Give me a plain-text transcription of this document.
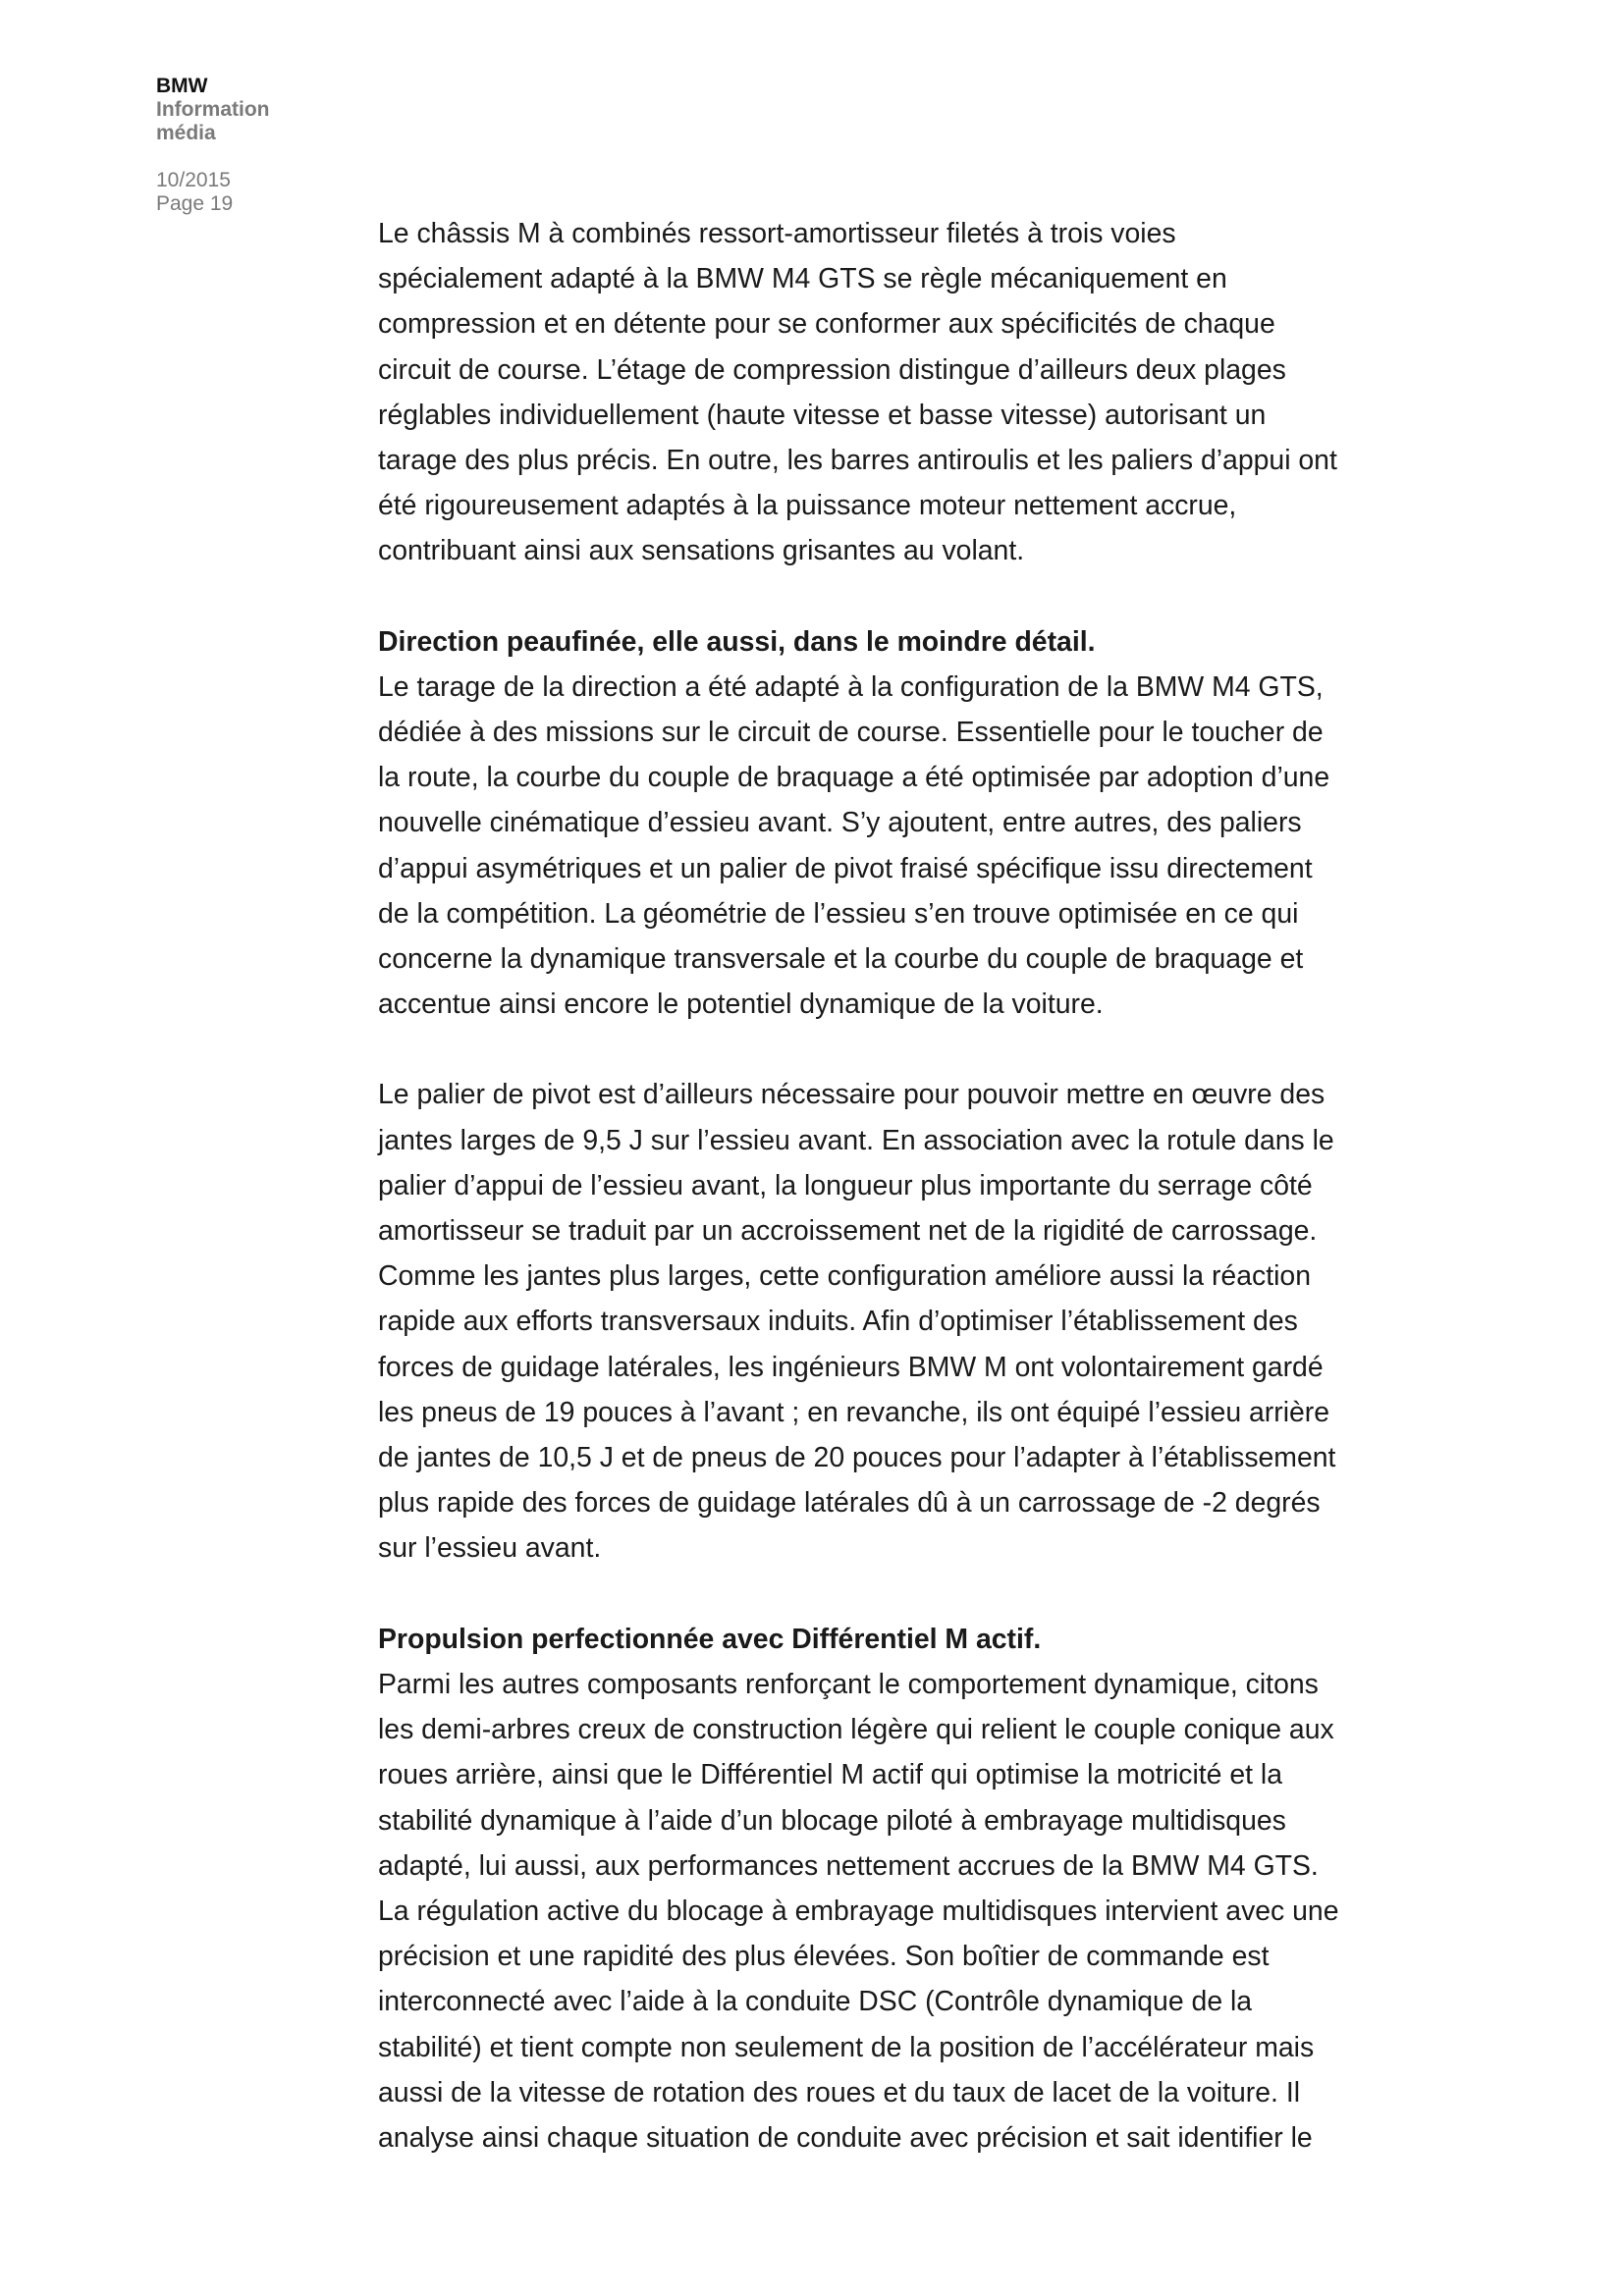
BMW
Information
média
10/2015
Page 19

Le châssis M à combinés ressort-amortisseur filetés à trois voies
spécialement adapté à la BMW M4 GTS se règle mécaniquement en
compression et en détente pour se conformer aux spécificités de chaque
circuit de course. L’étage de compression distingue d’ailleurs deux plages
réglables individuellement (haute vitesse et basse vitesse) autorisant un
tarage des plus précis. En outre, les barres antiroulis et les paliers d’appui ont
été rigoureusement adaptés à la puissance moteur nettement accrue,
contribuant ainsi aux sensations grisantes au volant.

Direction peaufinée, elle aussi, dans le moindre détail.

Le tarage de la direction a été adapté à la configuration de la BMW M4 GTS,
dédiée à des missions sur le circuit de course. Essentielle pour le toucher de
la route, la courbe du couple de braquage a été optimisée par adoption d’une
nouvelle cinématique d’essieu avant. S’y ajoutent, entre autres, des paliers
d’appui asymétriques et un palier de pivot fraisé spécifique issu directement
de la compétition. La géométrie de l’essieu s’en trouve optimisée en ce qui
concerne la dynamique transversale et la courbe du couple de braquage et
accentue ainsi encore le potentiel dynamique de la voiture.

Le palier de pivot est d’ailleurs nécessaire pour pouvoir mettre en œuvre des
jantes larges de 9,5 J sur l’essieu avant. En association avec la rotule dans le
palier d’appui de l’essieu avant, la longueur plus importante du serrage côté
amortisseur se traduit par un accroissement net de la rigidité de carrossage.
Comme les jantes plus larges, cette configuration améliore aussi la réaction
rapide aux efforts transversaux induits. Afin d’optimiser l’établissement des
forces de guidage latérales, les ingénieurs BMW M ont volontairement gardé
les pneus de 19 pouces à l’avant ; en revanche, ils ont équipé l’essieu arrière
de jantes de 10,5 J et de pneus de 20 pouces pour l’adapter à l’établissement
plus rapide des forces de guidage latérales dû à un carrossage de -2 degrés
sur l’essieu avant.

Propulsion perfectionnée avec Différentiel M actif.

Parmi les autres composants renforçant le comportement dynamique, citons
les demi-arbres creux de construction légère qui relient le couple conique aux
roues arrière, ainsi que le Différentiel M actif qui optimise la motricité et la
stabilité dynamique à l’aide d’un blocage piloté à embrayage multidisques
adapté, lui aussi, aux performances nettement accrues de la BMW M4 GTS.
La régulation active du blocage à embrayage multidisques intervient avec une
précision et une rapidité des plus élevées. Son boîtier de commande est
interconnecté avec l’aide à la conduite DSC (Contrôle dynamique de la
stabilité) et tient compte non seulement de la position de l’accélérateur mais
aussi de la vitesse de rotation des roues et du taux de lacet de la voiture. Il
analyse ainsi chaque situation de conduite avec précision et sait identifier le
